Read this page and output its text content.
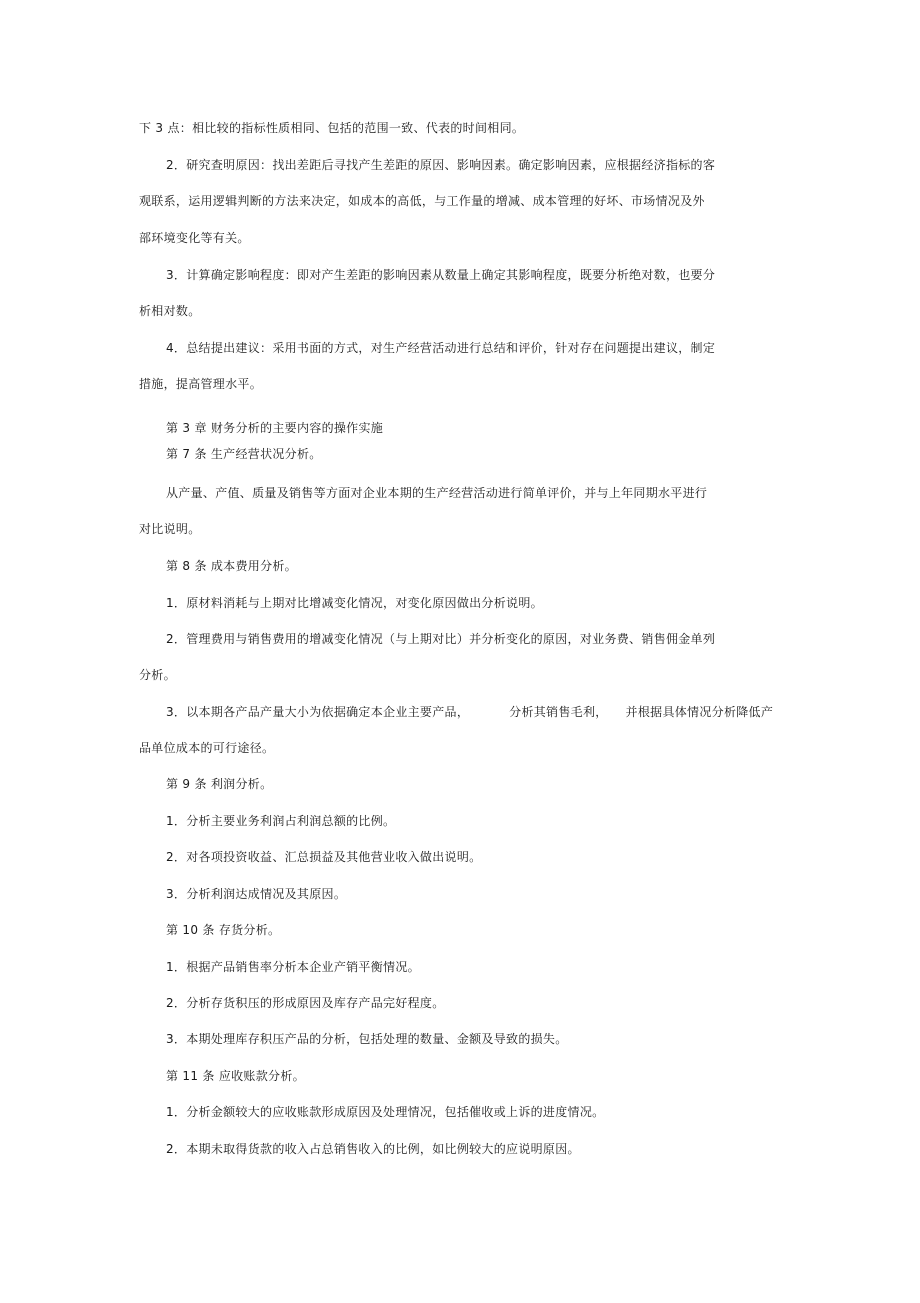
下 3 点：相比较的指标性质相同、包括的范围一致、代表的时间相同。
2．研究查明原因：找出差距后寻找产生差距的原因、影响因素。确定影响因素，应根据经济指标的客
观联系，运用逻辑判断的方法来决定，如成本的高低，与工作量的增减、成本管理的好坏、市场情况及外
部环境变化等有关。
3．计算确定影响程度：即对产生差距的影响因素从数量上确定其影响程度，既要分析绝对数，也要分
析相对数。
4．总结提出建议：采用书面的方式，对生产经营活动进行总结和评价，针对存在问题提出建议，制定
措施，提高管理水平。
第 3 章 财务分析的主要内容的操作实施
第 7 条 生产经营状况分析。
从产量、产值、质量及销售等方面对企业本期的生产经营活动进行简单评价，并与上年同期水平进行
对比说明。
第 8 条 成本费用分析。
1．原材料消耗与上期对比增减变化情况，对变化原因做出分析说明。
2．管理费用与销售费用的增减变化情况（与上期对比）并分析变化的原因，对业务费、销售佣金单列
分析。
3．以本期各产品产量大小为依据确定本企业主要产品，	分析其销售毛利， 并根据具体情况分析降低产
品单位成本的可行途径。
第 9 条 利润分析。
1．分析主要业务利润占利润总额的比例。
2．对各项投资收益、汇总损益及其他营业收入做出说明。
3．分析利润达成情况及其原因。
第 10 条 存货分析。
1．根据产品销售率分析本企业产销平衡情况。
2．分析存货积压的形成原因及库存产品完好程度。
3．本期处理库存积压产品的分析，包括处理的数量、金额及导致的损失。
第 11 条 应收账款分析。
1．分析金额较大的应收账款形成原因及处理情况，包括催收或上诉的进度情况。
2．本期未取得货款的收入占总销售收入的比例，如比例较大的应说明原因。
